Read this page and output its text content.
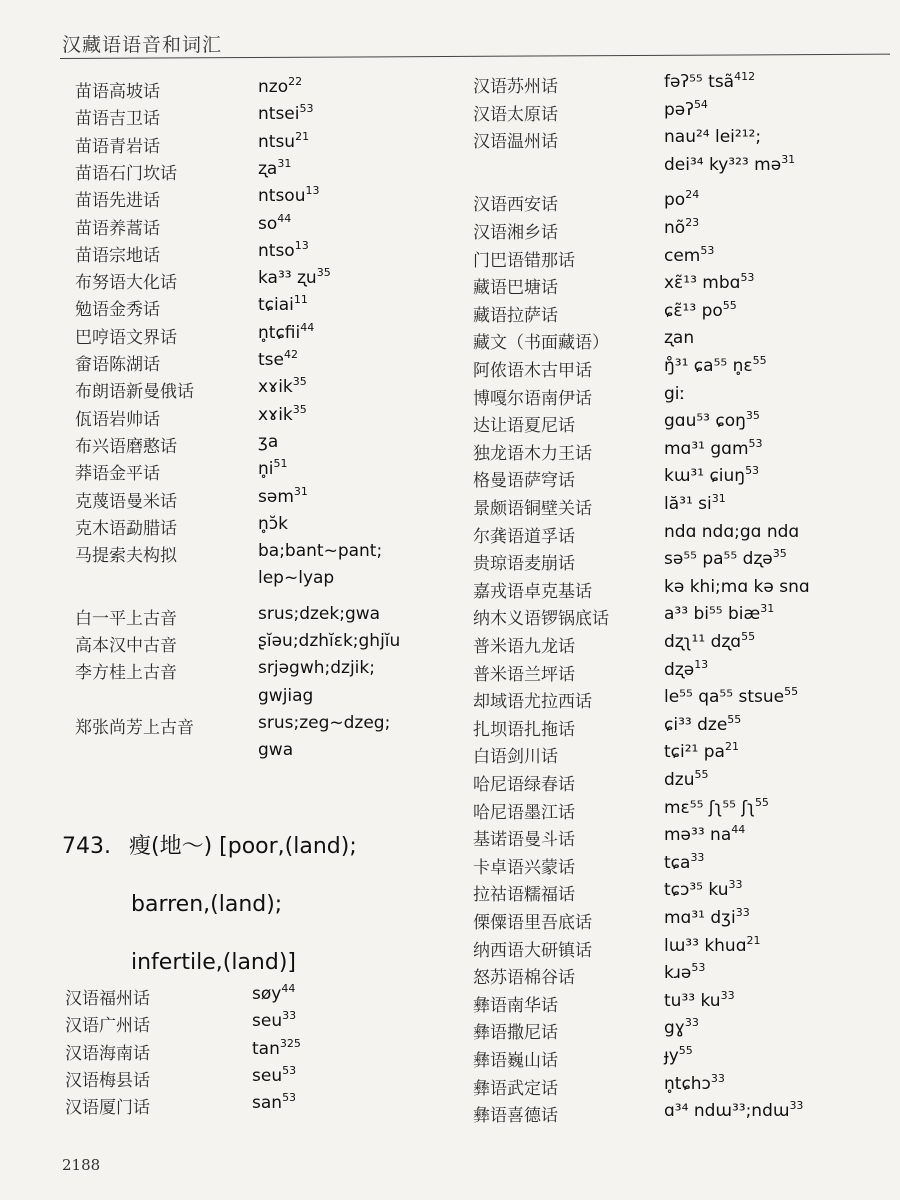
汉藏语语音和词汇
苗语高坡话	nzo$^{22}$
苗语吉卫话	ntsei$^{53}$
苗语青岩话	ntsu$^{21}$
苗语石门坎话	ʐa$^{31}$
苗语先进话	ntsou$^{13}$
苗语养蒿话	$so^{44}$
苗语宗地话	ntso$^{13}$
布努语大化话	ka³³ ʐu$^{35}$
勉语金秀话	tɕiai$^{11}$
巴哼语文界话	n̥tɕfii$^{44}$
畲语陈湖话	tse$^{42}$
布朗语新曼俄话	xɤik$^{35}$
佤语岩帅话	xɤik$^{35}$
布兴语磨憨话	ʒa
莽语金平话	$n̥i^{51}$
克蔑语曼米话	səm$^{31}$
克木语勐腊话	n̥ɔ̆k
马提索夫构拟	ba;bant~pant;
lep~lyap
白一平上古音	srus;dzek;gwa
高本汉中古音	ʂĭǝu;dzhĭɛk;ghjĭu
李方桂上古音	srjəgwh;dzjik;
gwjiag
郑张尚芳上古音	srus;zeg~dzeg;
gwa
743. 瘦(地～) [poor,(land);
barren,(land);
infertile,(land)]
汉语福州话	søy$^{44}$
汉语广州话	seu$^{33}$
汉语海南话	$\tan^{325}$
汉语梅县话	seu$^{53}$
汉语厦门话	san$^{53}$
汉语苏州话	fəʔ⁵⁵ tsã$^{412}$
汉语太原话	pəʔ$^{54}$
汉语温州话	nau²⁴ lei²¹²;
dei³⁴ ky³²³ mə$^{31}$
汉语西安话	$po^{24}$
汉语湘乡话	$nõ^{23}$
门巴语错那话	cem$^{53}$
藏语巴塘话	xɛ̃¹³ mbɑ$^{53}$
藏语拉萨话	ɕɛ̃¹³ $po^{55}$
藏文（书面藏语）	ʐan
阿侬语木古甲话	ŋ̊³¹ ɕa⁵⁵ n̥ɛ$^{55}$
博嘎尔语南伊话	giː
达让语夏尼话	gɑu⁵³ ɕoŋ$^{35}$
独龙语木力王话	mɑ³¹ gɑm$^{53}$
格曼语萨穹话	kɯ³¹ ɕiuŋ$^{53}$
景颇语铜壁关话	lă³¹ $si^{31}$
尔龚语道孚话	ndɑ ndɑ;gɑ ndɑ
贵琼语麦崩话	sə⁵⁵ pa⁵⁵ dʐə$^{35}$
嘉戎语卓克基话	kə khi;mɑ kə snɑ
纳木义语锣锅底话	a³³ bi⁵⁵ biæ$^{31}$
普米语九龙话	dʐʅ¹¹ dʐɑ$^{55}$
普米语兰坪话	dʐə$^{13}$
却域语尤拉西话	le⁵⁵ qa⁵⁵ stsue$^{55}$
扎坝语扎拖话	ɕi³³ dze$^{55}$
白语剑川话	tɕi²¹ $pa^{21}$
哈尼语绿春话	dzu$^{55}$
哈尼语墨江话	mɛ⁵⁵ ʃʅ⁵⁵ ʃʅ$^{55}$
基诺语曼斗话	mə³³ $na^{44}$
卡卓语兴蒙话	tɕa$^{33}$
拉祜语糯福话	tɕɔ³⁵ $ku^{33}$
傈僳语里吾底话	mɑ³¹ dʒi$^{33}$
纳西语大研镇话	lɯ³³ khuɑ$^{21}$
怒苏语棉谷话	kɹə$^{53}$
彝语南华话	tu³³ $ku^{33}$
彝语撒尼话	gɣ$^{33}$
彝语巍山话	ɟy$^{55}$
彝语武定话	n̥tɕhɔ$^{33}$
彝语喜德话	ɑ³⁴ ndɯ³³;ndɯ$^{33}$
2188
